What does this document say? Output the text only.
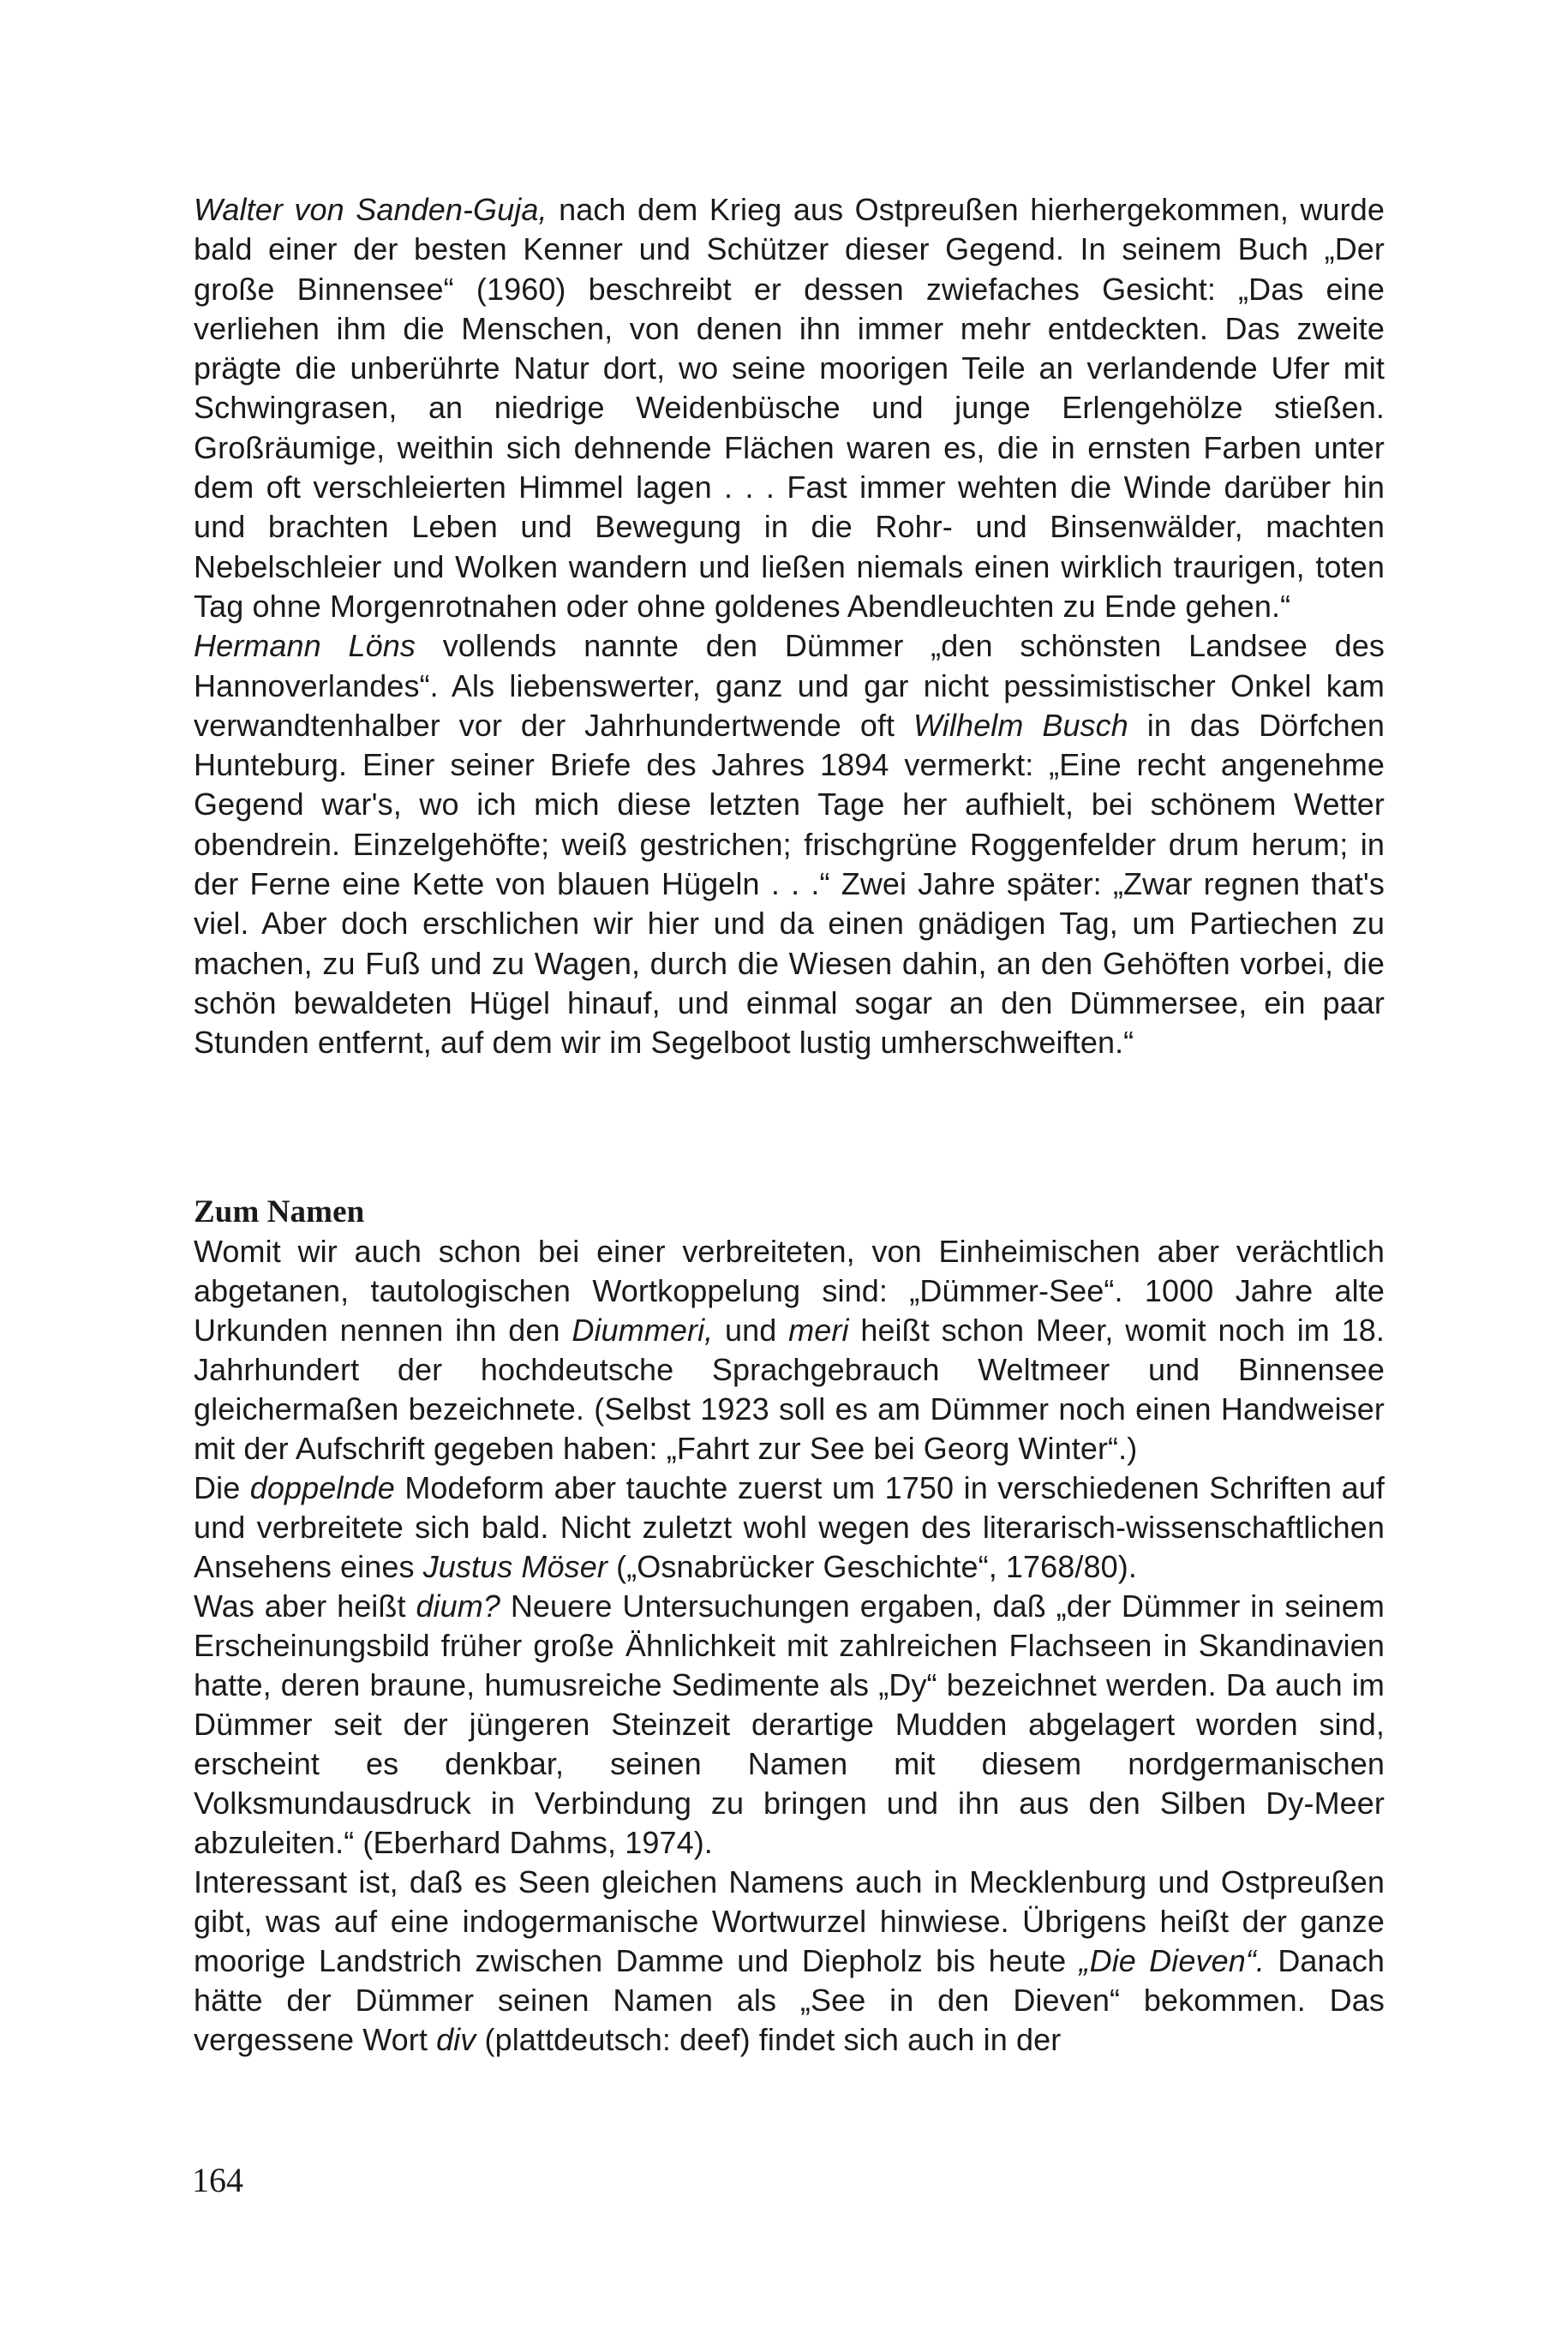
Walter von Sanden-Guja, nach dem Krieg aus Ostpreußen hierhergekommen, wurde bald einer der besten Kenner und Schützer dieser Gegend. In seinem Buch „Der große Binnensee“ (1960) beschreibt er dessen zwiefaches Gesicht: „Das eine verliehen ihm die Menschen, von denen ihn immer mehr entdeckten. Das zweite prägte die unberührte Natur dort, wo seine moorigen Teile an verlandende Ufer mit Schwingrasen, an niedrige Weidenbüsche und junge Erlengehölze stießen. Großräumige, weithin sich dehnende Flächen waren es, die in ernsten Farben unter dem oft verschleierten Himmel lagen . . . Fast immer wehten die Winde darüber hin und brachten Leben und Bewegung in die Rohr- und Binsenwälder, machten Nebelschleier und Wolken wandern und ließen niemals einen wirklich traurigen, toten Tag ohne Morgenrotnahen oder ohne goldenes Abendleuchten zu Ende gehen.“

Hermann Löns vollends nannte den Dümmer „den schönsten Landsee des Hannoverlandes“. Als liebenswerter, ganz und gar nicht pessimistischer Onkel kam verwandtenhalber vor der Jahrhundertwende oft Wilhelm Busch in das Dörfchen Hunteburg. Einer seiner Briefe des Jahres 1894 vermerkt: „Eine recht angenehme Gegend war's, wo ich mich diese letzten Tage her aufhielt, bei schönem Wetter obendrein. Einzelgehöfte; weiß gestrichen; frischgrüne Roggenfelder drum herum; in der Ferne eine Kette von blauen Hügeln . . .“ Zwei Jahre später: „Zwar regnen that's viel. Aber doch erschlichen wir hier und da einen gnädigen Tag, um Partiechen zu machen, zu Fuß und zu Wagen, durch die Wiesen dahin, an den Gehöften vorbei, die schön bewaldeten Hügel hinauf, und einmal sogar an den Dümmersee, ein paar Stunden entfernt, auf dem wir im Segelboot lustig umherschweiften.“

Zum Namen

Womit wir auch schon bei einer verbreiteten, von Einheimischen aber verächtlich abgetanen, tautologischen Wortkoppelung sind: „Dümmer-See“. 1000 Jahre alte Urkunden nennen ihn den Diummeri, und meri heißt schon Meer, womit noch im 18. Jahrhundert der hochdeutsche Sprachgebrauch Weltmeer und Binnensee gleichermaßen bezeichnete. (Selbst 1923 soll es am Dümmer noch einen Handweiser mit der Aufschrift gegeben haben: „Fahrt zur See bei Georg Winter“.)

Die doppelnde Modeform aber tauchte zuerst um 1750 in verschiedenen Schriften auf und verbreitete sich bald. Nicht zuletzt wohl wegen des literarisch-wissenschaftlichen Ansehens eines Justus Möser („Osnabrücker Geschichte“, 1768/80).

Was aber heißt dium? Neuere Untersuchungen ergaben, daß „der Dümmer in seinem Erscheinungsbild früher große Ähnlichkeit mit zahlreichen Flachseen in Skandinavien hatte, deren braune, humusreiche Sedimente als „Dy“ bezeichnet werden. Da auch im Dümmer seit der jüngeren Steinzeit derartige Mudden abgelagert worden sind, erscheint es denkbar, seinen Namen mit diesem nordgermanischen Volksmundausdruck in Verbindung zu bringen und ihn aus den Silben Dy-Meer abzuleiten.“ (Eberhard Dahms, 1974).

Interessant ist, daß es Seen gleichen Namens auch in Mecklenburg und Ostpreußen gibt, was auf eine indogermanische Wortwurzel hinwiese. Übrigens heißt der ganze moorige Landstrich zwischen Damme und Diepholz bis heute „Die Dieven“. Danach hätte der Dümmer seinen Namen als „See in den Dieven“ bekommen. Das vergessene Wort div (plattdeutsch: deef) findet sich auch in der

164
